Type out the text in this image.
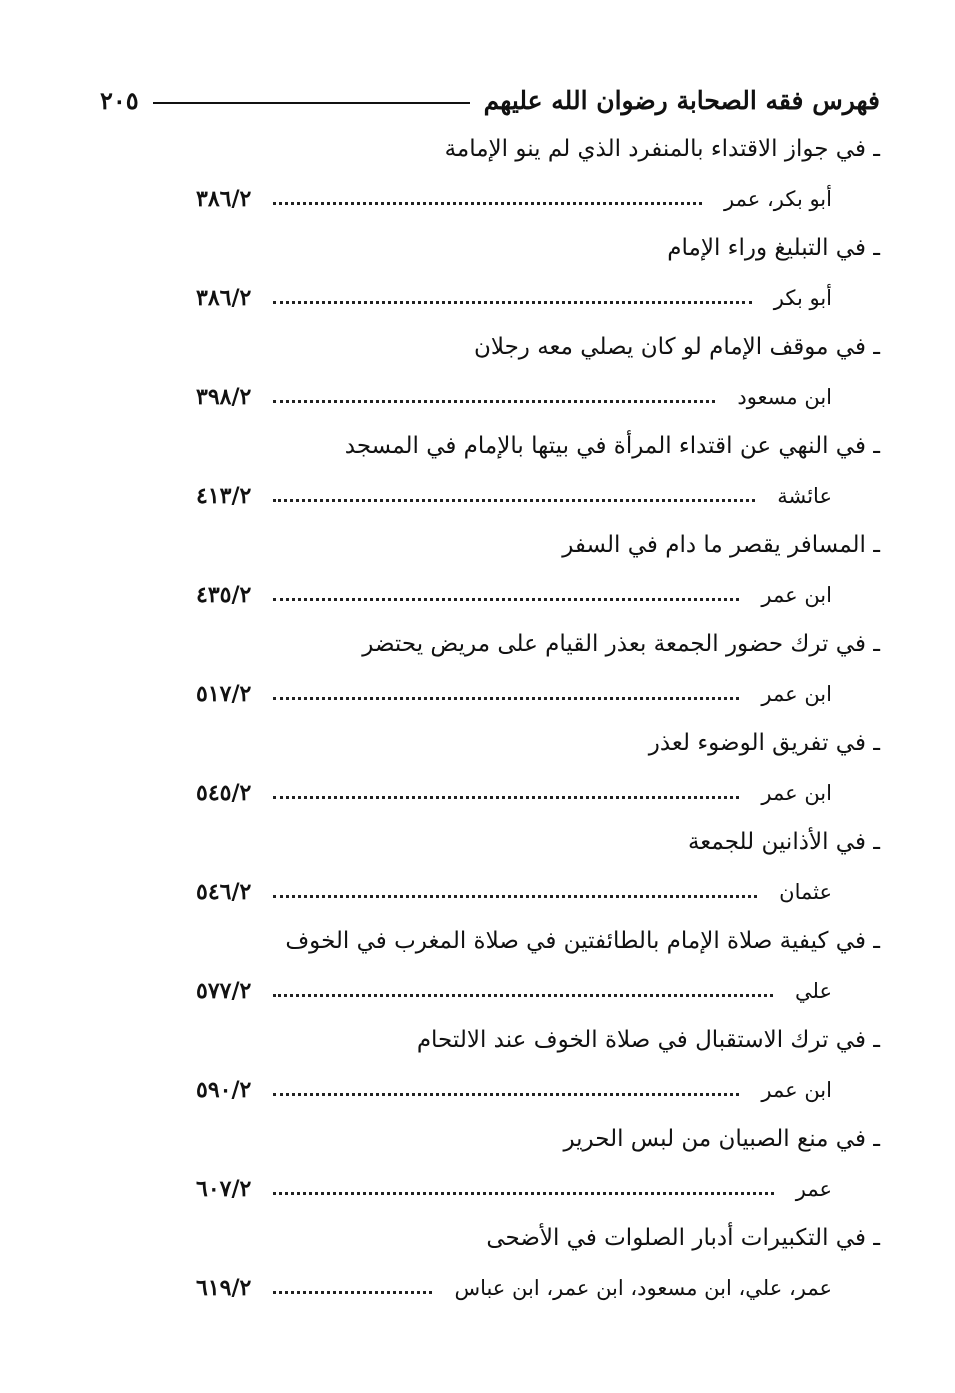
فهرس فقه الصحابة رضوان الله عليهم
٢٠٥
ـ في جواز الاقتداء بالمنفرد الذي لم ينو الإمامة
أبو بكر، عمر
٣٨٦/٢
ـ في التبليغ وراء الإمام
أبو بكر
٣٨٦/٢
ـ في موقف الإمام لو كان يصلي معه رجلان
ابن مسعود
٣٩٨/٢
ـ في النهي عن اقتداء المرأة في بيتها بالإمام في المسجد
عائشة
٤١٣/٢
ـ المسافر يقصر ما دام في السفر
ابن عمر
٤٣٥/٢
ـ في ترك حضور الجمعة بعذر القيام على مريض يحتضر
ابن عمر
٥١٧/٢
ـ في تفريق الوضوء لعذر
ابن عمر
٥٤٥/٢
ـ في الأذانين للجمعة
عثمان
٥٤٦/٢
ـ في كيفية صلاة الإمام بالطائفتين في صلاة المغرب في الخوف
علي
٥٧٧/٢
ـ في ترك الاستقبال في صلاة الخوف عند الالتحام
ابن عمر
٥٩٠/٢
ـ في منع الصبيان من لبس الحرير
عمر
٦٠٧/٢
ـ في التكبيرات أدبار الصلوات في الأضحى
عمر، علي، ابن مسعود، ابن عمر، ابن عباس
٦١٩/٢
